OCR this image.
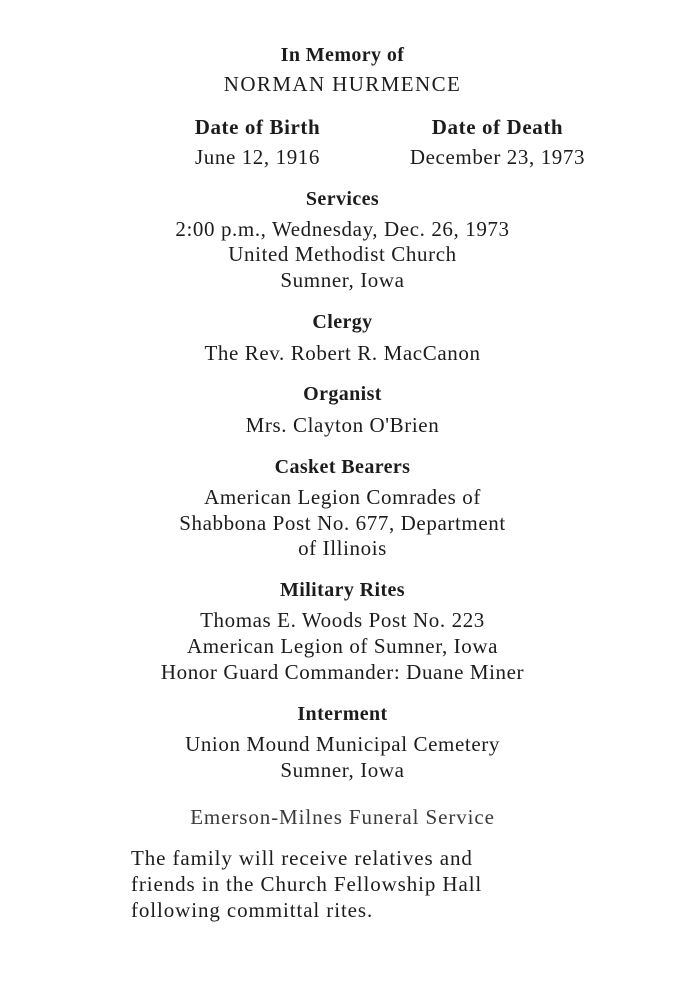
In Memory of
NORMAN HURMENCE
Date of Birth	Date of Death
June 12, 1916	December 23, 1973
Services
2:00 p.m., Wednesday, Dec. 26, 1973
United Methodist Church
Sumner, Iowa
Clergy
The Rev. Robert R. MacCanon
Organist
Mrs. Clayton O'Brien
Casket Bearers
American Legion Comrades of
Shabbona Post No. 677, Department
of Illinois
Military Rites
Thomas E. Woods Post No. 223
American Legion of Sumner, Iowa
Honor Guard Commander: Duane Miner
Interment
Union Mound Municipal Cemetery
Sumner, Iowa
Emerson-Milnes Funeral Service
The family will receive relatives and
friends in the Church Fellowship Hall
following committal rites.
